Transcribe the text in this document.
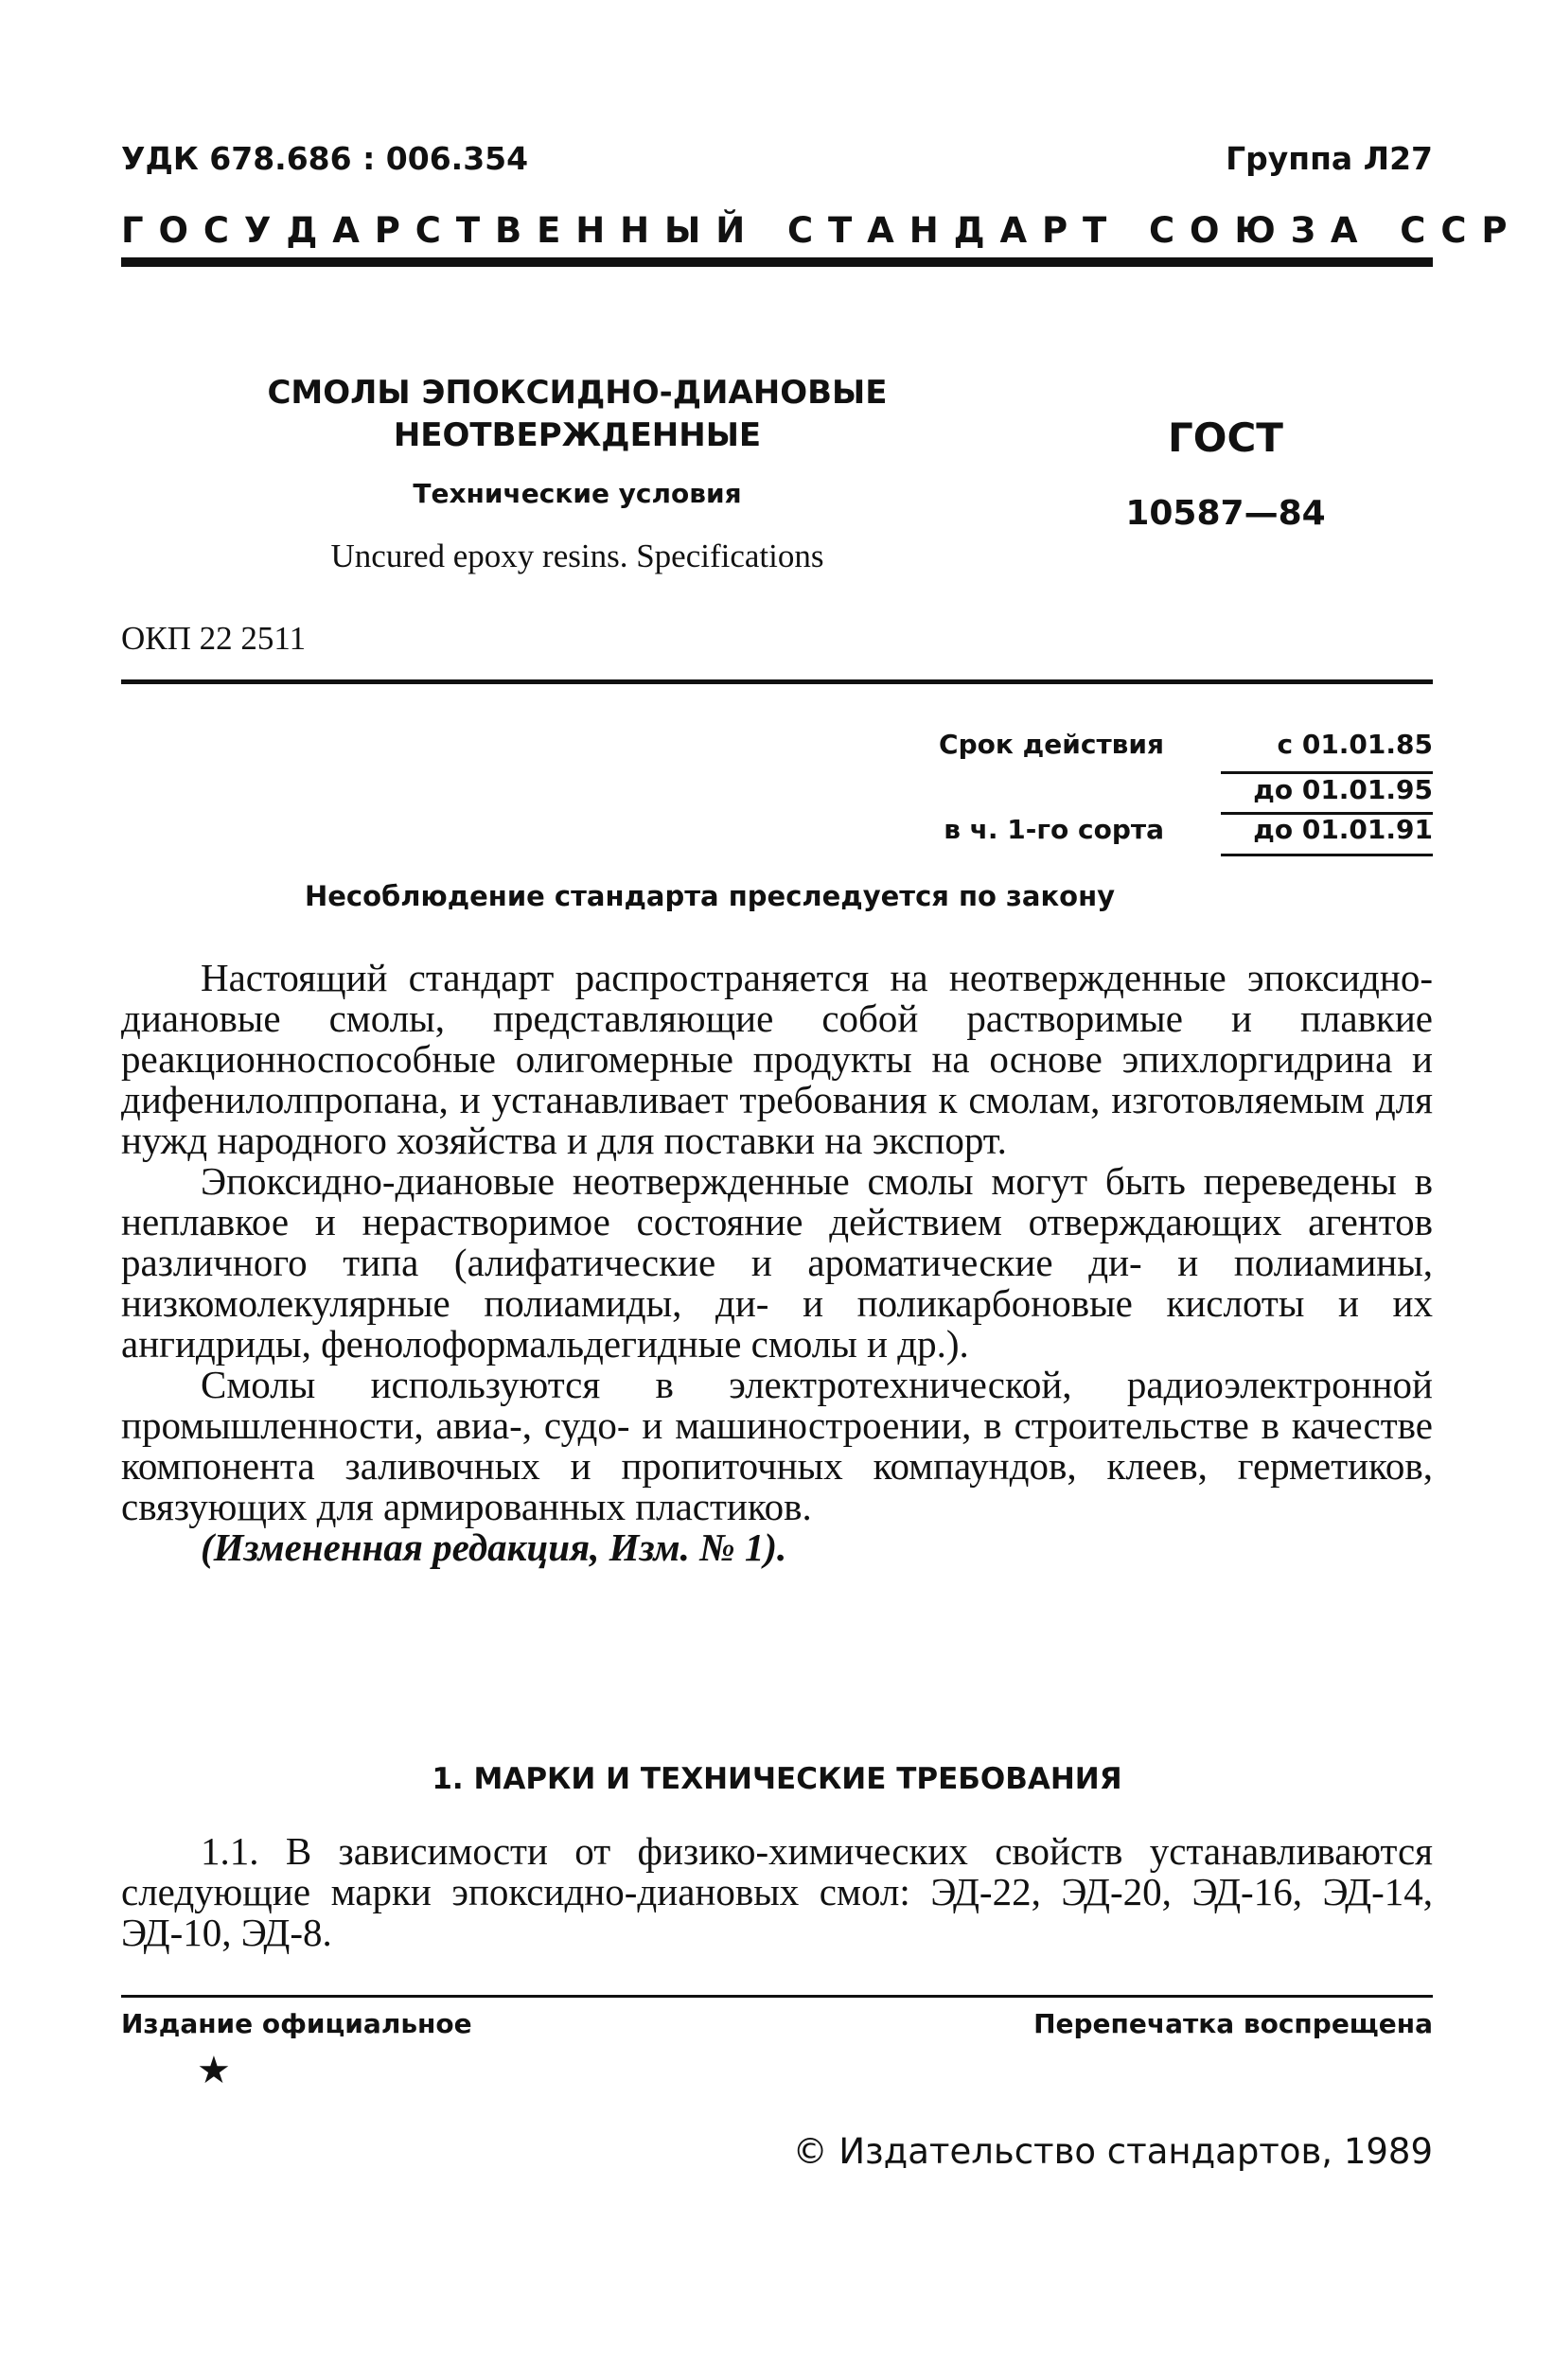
УДК 678.686 : 006.354	Группа Л27
ГОСУДАРСТВЕННЫЙ СТАНДАРТ СОЮЗА ССР
СМОЛЫ ЭПОКСИДНО-ДИАНОВЫЕ
НЕОТВЕРЖДЕННЫЕ
Технические условия
Uncured epoxy resins. Specifications
ГОСТ
10587—84
ОКП 22 2511
Срок действия	с 01.01.85
до 01.01.95
в ч. 1-го сорта	до 01.01.91
Несоблюдение стандарта преследуется по закону

Настоящий стандарт распространяется на неотвержденные эпоксидно-диановые смолы, представляющие собой растворимые и плавкие реакционноспособные олигомерные продукты на основе эпихлоргидрина и дифенилолпропана, и устанавливает требования к смолам, изготовляемым для нужд народного хозяйства и для поставки на экспорт.

Эпоксидно-диановые неотвержденные смолы могут быть переведены в неплавкое и нерастворимое состояние действием отверждающих агентов различного типа (алифатические и ароматические ди- и полиамины, низкомолекулярные полиамиды, ди- и поликарбоновые кислоты и их ангидриды, фенолоформальдегидные смолы и др.).

Смолы используются в электротехнической, радиоэлектронной промышленности, авиа-, судо- и машиностроении, в строительстве в качестве компонента заливочных и пропиточных компаундов, клеев, герметиков, связующих для армированных пластиков.

(Измененная редакция, Изм. № 1).

1. МАРКИ И ТЕХНИЧЕСКИЕ ТРЕБОВАНИЯ

1.1. В зависимости от физико-химических свойств устанавливаются следующие марки эпоксидно-диановых смол: ЭД-22, ЭД-20, ЭД-16, ЭД-14, ЭД-10, ЭД-8.

Издание официальное	Перепечатка воспрещена
★
© Издательство стандартов, 1989
